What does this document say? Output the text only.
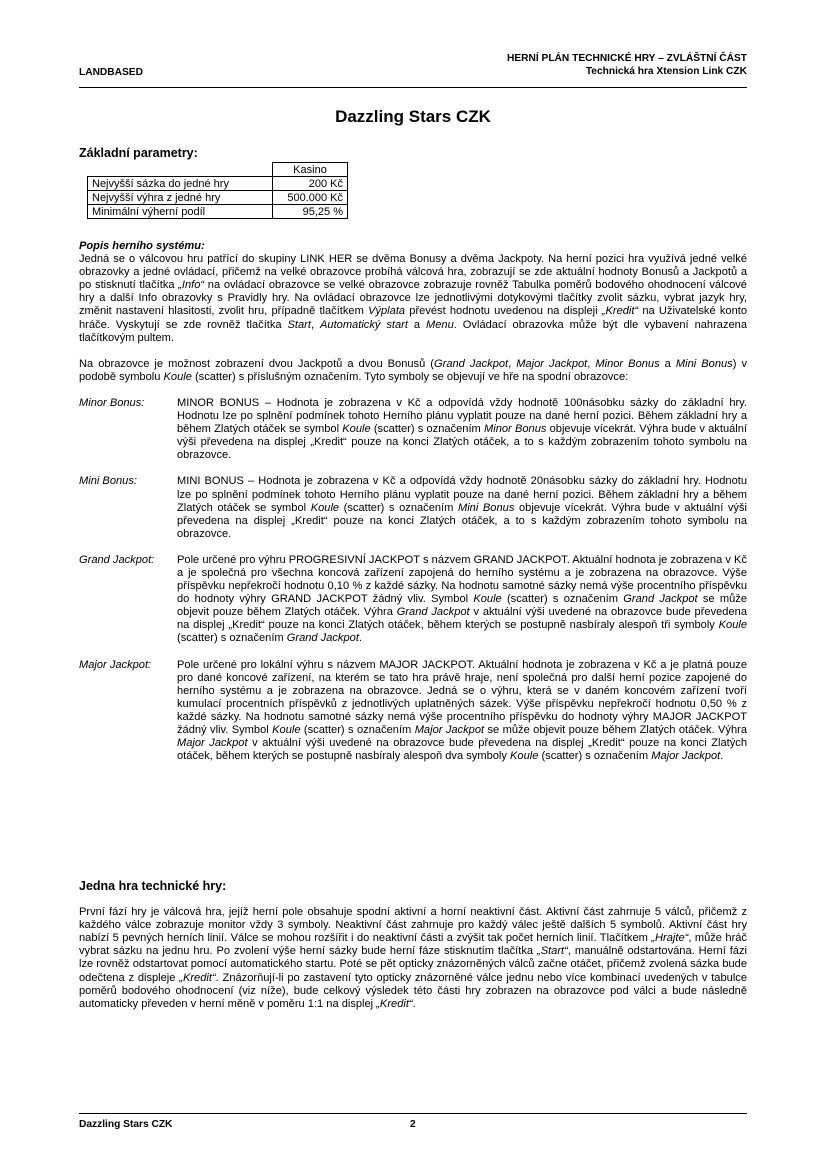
LANDBASED
HERNÍ PLÁN TECHNICKÉ HRY – ZVLÁŠTNÍ ČÁST
Technická hra Xtension Link CZK
Dazzling Stars CZK
Základní parametry:
	Kasino
Nejvyšší sázka do jedné hry	200 Kč
Nejvyšší výhra z jedné hry	500.000 Kč
Minimální výherní podíl	95,25 %
Popis herního systému:

Jedná se o válcovou hru patřící do skupiny LINK HER se dvěma Bonusy a dvěma Jackpoty. Na herní pozici hra využívá jedné velké obrazovky a jedné ovládací, přičemž na velké obrazovce probíhá válcová hra, zobrazují se zde aktuální hodnoty Bonusů a Jackpotů a po stisknutí tlačítka „Info“ na ovládací obrazovce se velké obrazovce zobrazuje rovněž Tabulka poměrů bodového ohodnocení válcové hry a další Info obrazovky s Pravidly hry. Na ovládací obrazovce lze jednotlivými dotykovými tlačítky zvolit sázku, vybrat jazyk hry, změnit nastavení hlasitosti, zvolit hru, případně tlačítkem Výplata převést hodnotu uvedenou na displeji „Kredit“ na Uživatelské konto hráče. Vyskytují se zde rovněž tlačítka Start, Automatický start a Menu. Ovládací obrazovka může být dle vybavení nahrazena tlačítkovým pultem.

Na obrazovce je možnost zobrazení dvou Jackpotů a dvou Bonusů (Grand Jackpot, Major Jackpot, Minor Bonus a Mini Bonus) v podobě symbolu Koule (scatter) s příslušným označením. Tyto symboly se objevují ve hře na spodní obrazovce:

Minor Bonus:	MINOR BONUS – Hodnota je zobrazena v Kč a odpovídá vždy hodnotě 100násobku sázky do základní hry. Hodnotu lze po splnění podmínek tohoto Herního plánu vyplatit pouze na dané herní pozici. Během základní hry a během Zlatých otáček se symbol Koule (scatter) s označením Minor Bonus objevuje vícekrát. Výhra bude v aktuální výši převedena na displej „Kredit“ pouze na konci Zlatých otáček, a to s každým zobrazením tohoto symbolu na obrazovce.
Mini Bonus:	MINI BONUS – Hodnota je zobrazena v Kč a odpovídá vždy hodnotě 20násobku sázky do základní hry. Hodnotu lze po splnění podmínek tohoto Herního plánu vyplatit pouze na dané herní pozici. Během základní hry a během Zlatých otáček se symbol Koule (scatter) s označením Mini Bonus objevuje vícekrát. Výhra bude v aktuální výši převedena na displej „Kredit“ pouze na konci Zlatých otáček, a to s každým zobrazením tohoto symbolu na obrazovce.
Grand Jackpot:	Pole určené pro výhru PROGRESIVNÍ JACKPOT s názvem GRAND JACKPOT. Aktuální hodnota je zobrazena v Kč a je společná pro všechna koncová zařízení zapojená do herního systému a je zobrazena na obrazovce. Výše příspěvku nepřekročí hodnotu 0,10 % z každé sázky. Na hodnotu samotné sázky nemá výše procentního příspěvku do hodnoty výhry GRAND JACKPOT žádný vliv. Symbol Koule (scatter) s označením Grand Jackpot se může objevit pouze během Zlatých otáček. Výhra Grand Jackpot v aktuální výši uvedené na obrazovce bude převedena na displej „Kredit“ pouze na konci Zlatých otáček, během kterých se postupně nasbíraly alespoň tři symboly Koule (scatter) s označením Grand Jackpot.
Major Jackpot:	Pole určené pro lokální výhru s názvem MAJOR JACKPOT. Aktuální hodnota je zobrazena v Kč a je platná pouze pro dané koncové zařízení, na kterém se tato hra právě hraje, není společná pro další herní pozice zapojené do herního systému a je zobrazena na obrazovce. Jedná se o výhru, která se v daném koncovém zařízení tvoří kumulací procentních příspěvků z jednotlivých uplatněných sázek. Výše příspěvku nepřekročí hodnotu 0,50 % z každé sázky. Na hodnotu samotné sázky nemá výše procentního příspěvku do hodnoty výhry MAJOR JACKPOT žádný vliv. Symbol Koule (scatter) s označením Major Jackpot se může objevit pouze během Zlatých otáček. Výhra Major Jackpot v aktuální výši uvedené na obrazovce bude převedena na displej „Kredit“ pouze na konci Zlatých otáček, během kterých se postupně nasbíraly alespoň dva symboly Koule (scatter) s označením Major Jackpot.
Jedna hra technické hry:

První fází hry je válcová hra, jejíž herní pole obsahuje spodní aktivní a horní neaktivní část. Aktivní část zahrnuje 5 válců, přičemž z každého válce zobrazuje monitor vždy 3 symboly. Neaktivní část zahrnuje pro každý válec ještě dalších 5 symbolů. Aktivní část hry nabízí 5 pevných herních linií. Válce se mohou rozšířit i do neaktivní části a zvýšit tak počet herních linií. Tlačítkem „Hrajte“, může hráč vybrat sázku na jednu hru. Po zvolení výše herní sázky bude herní fáze stisknutím tlačítka „Start“, manuálně odstartována. Herní fázi lze rovněž odstartovat pomocí automatického startu. Poté se pět opticky znázorněných válců začne otáčet, přičemž zvolená sázka bude odečtena z displeje „Kredit“. Znázorňují-li po zastavení tyto opticky znázorněné válce jednu nebo více kombinací uvedených v tabulce poměrů bodového ohodnocení (viz níže), bude celkový výsledek této části hry zobrazen na obrazovce pod válci a bude následně automaticky převeden v herní měně v poměru 1:1 na displej „Kredit“.

Dazzling Stars CZK	2
